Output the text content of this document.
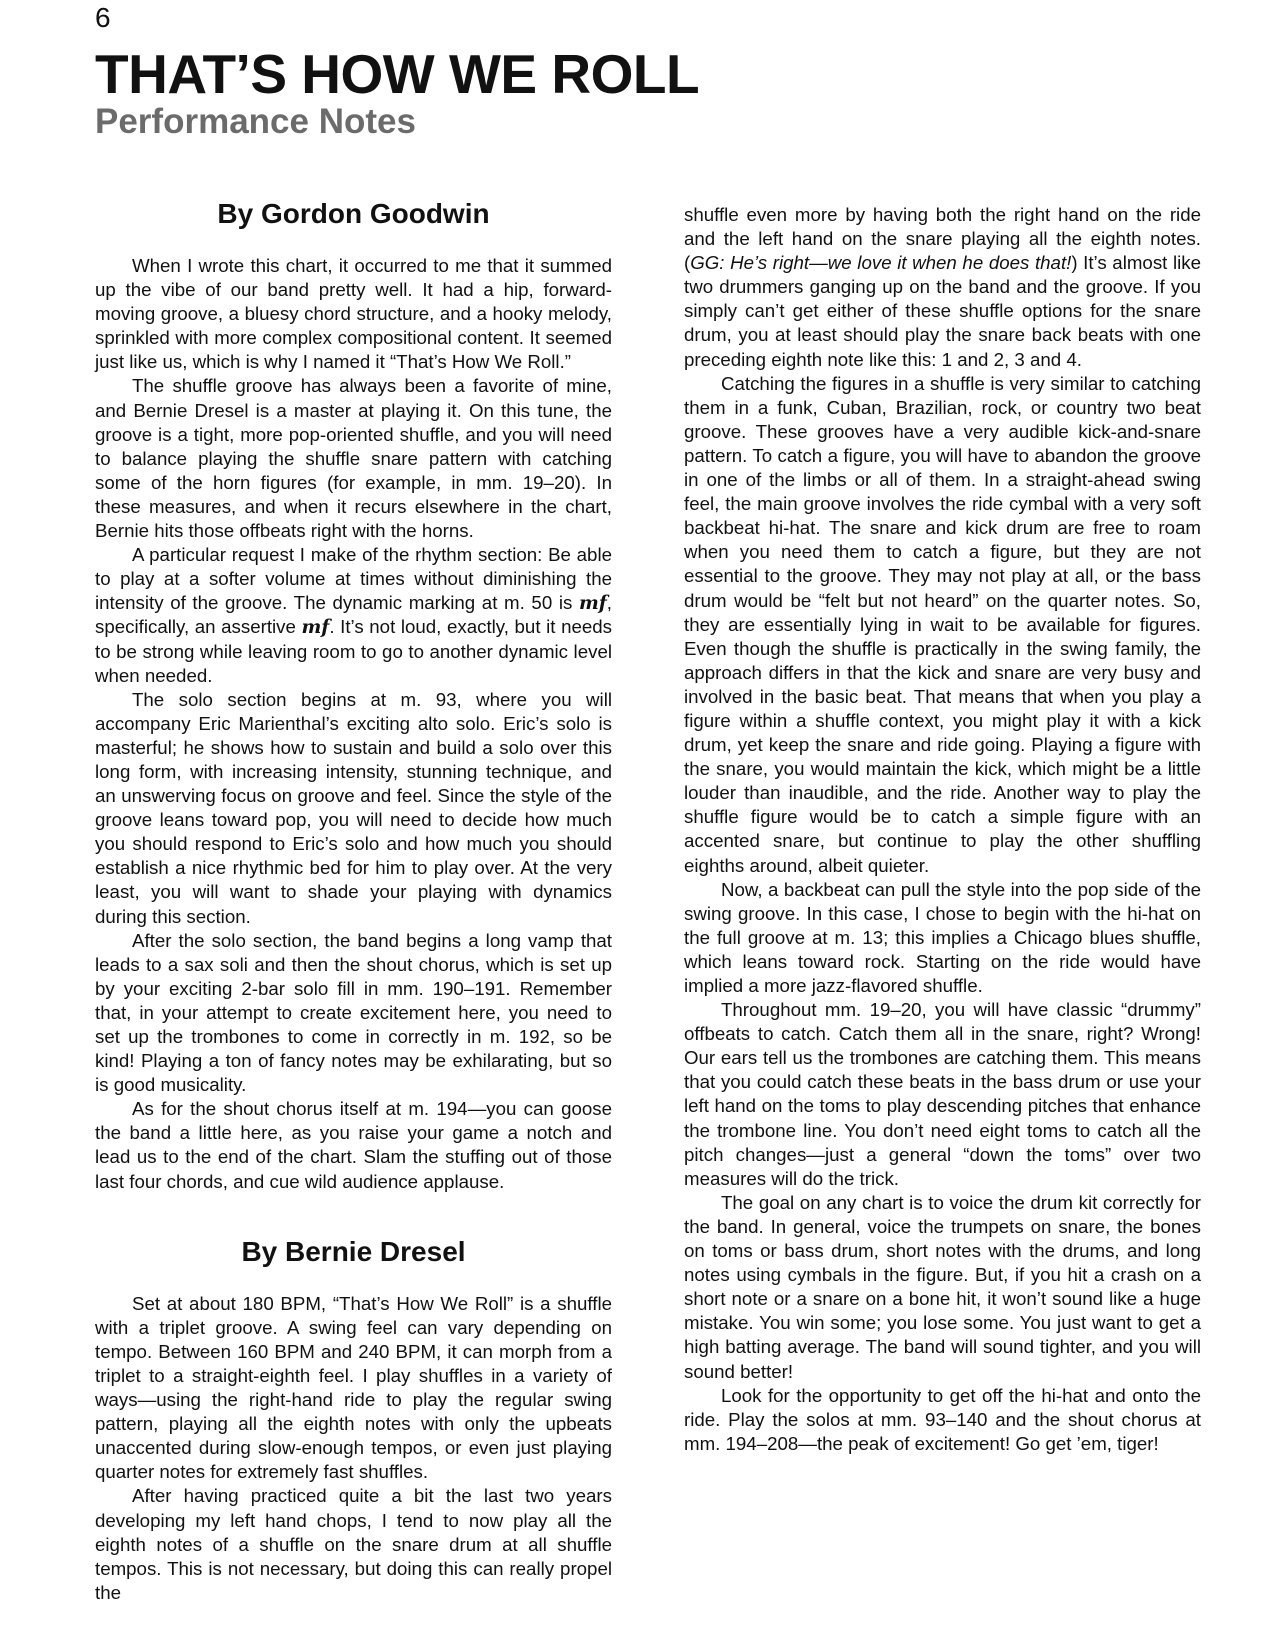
6
THAT’S HOW WE ROLL
Performance Notes
By Gordon Goodwin

When I wrote this chart, it occurred to me that it summed up the vibe of our band pretty well. It had a hip, forward-moving groove, a bluesy chord structure, and a hooky melody, sprinkled with more complex compositional content. It seemed just like us, which is why I named it “That’s How We Roll.”

The shuffle groove has always been a favorite of mine, and Bernie Dresel is a master at playing it. On this tune, the groove is a tight, more pop-oriented shuffle, and you will need to balance playing the shuffle snare pattern with catching some of the horn figures (for example, in mm. 19–20). In these measures, and when it recurs elsewhere in the chart, Bernie hits those offbeats right with the horns.

A particular request I make of the rhythm section: Be able to play at a softer volume at times without diminishing the intensity of the groove. The dynamic marking at m. 50 is mf, specifically, an assertive mf. It’s not loud, exactly, but it needs to be strong while leaving room to go to another dynamic level when needed.

The solo section begins at m. 93, where you will accompany Eric Marienthal’s exciting alto solo. Eric’s solo is masterful; he shows how to sustain and build a solo over this long form, with increasing intensity, stunning technique, and an unswerving focus on groove and feel. Since the style of the groove leans toward pop, you will need to decide how much you should respond to Eric’s solo and how much you should establish a nice rhythmic bed for him to play over. At the very least, you will want to shade your playing with dynamics during this section.

After the solo section, the band begins a long vamp that leads to a sax soli and then the shout chorus, which is set up by your exciting 2-bar solo fill in mm. 190–191. Remember that, in your attempt to create excitement here, you need to set up the trombones to come in correctly in m. 192, so be kind! Playing a ton of fancy notes may be exhilarating, but so is good musicality.

As for the shout chorus itself at m. 194—you can goose the band a little here, as you raise your game a notch and lead us to the end of the chart. Slam the stuffing out of those last four chords, and cue wild audience applause.

By Bernie Dresel

Set at about 180 BPM, “That’s How We Roll” is a shuffle with a triplet groove. A swing feel can vary depending on tempo. Between 160 BPM and 240 BPM, it can morph from a triplet to a straight-eighth feel. I play shuffles in a variety of ways—using the right-hand ride to play the regular swing pattern, playing all the eighth notes with only the upbeats unaccented during slow-enough tempos, or even just playing quarter notes for extremely fast shuffles.

After having practiced quite a bit the last two years developing my left hand chops, I tend to now play all the eighth notes of a shuffle on the snare drum at all shuffle tempos. This is not necessary, but doing this can really propel the

shuffle even more by having both the right hand on the ride and the left hand on the snare playing all the eighth notes. (GG: He’s right—we love it when he does that!) It’s almost like two drummers ganging up on the band and the groove. If you simply can’t get either of these shuffle options for the snare drum, you at least should play the snare back beats with one preceding eighth note like this: 1 and 2, 3 and 4.

Catching the figures in a shuffle is very similar to catching them in a funk, Cuban, Brazilian, rock, or country two beat groove. These grooves have a very audible kick-and-snare pattern. To catch a figure, you will have to abandon the groove in one of the limbs or all of them. In a straight-ahead swing feel, the main groove involves the ride cymbal with a very soft backbeat hi-hat. The snare and kick drum are free to roam when you need them to catch a figure, but they are not essential to the groove. They may not play at all, or the bass drum would be “felt but not heard” on the quarter notes. So, they are essentially lying in wait to be available for figures. Even though the shuffle is practically in the swing family, the approach differs in that the kick and snare are very busy and involved in the basic beat. That means that when you play a figure within a shuffle context, you might play it with a kick drum, yet keep the snare and ride going. Playing a figure with the snare, you would maintain the kick, which might be a little louder than inaudible, and the ride. Another way to play the shuffle figure would be to catch a simple figure with an accented snare, but continue to play the other shuffling eighths around, albeit quieter.

Now, a backbeat can pull the style into the pop side of the swing groove. In this case, I chose to begin with the hi-hat on the full groove at m. 13; this implies a Chicago blues shuffle, which leans toward rock. Starting on the ride would have implied a more jazz-flavored shuffle.

Throughout mm. 19–20, you will have classic “drummy” offbeats to catch. Catch them all in the snare, right? Wrong! Our ears tell us the trombones are catching them. This means that you could catch these beats in the bass drum or use your left hand on the toms to play descending pitches that enhance the trombone line. You don’t need eight toms to catch all the pitch changes—just a general “down the toms” over two measures will do the trick.

The goal on any chart is to voice the drum kit correctly for the band. In general, voice the trumpets on snare, the bones on toms or bass drum, short notes with the drums, and long notes using cymbals in the figure. But, if you hit a crash on a short note or a snare on a bone hit, it won’t sound like a huge mistake. You win some; you lose some. You just want to get a high batting average. The band will sound tighter, and you will sound better!

Look for the opportunity to get off the hi-hat and onto the ride. Play the solos at mm. 93–140 and the shout chorus at mm. 194–208—the peak of excitement! Go get ’em, tiger!
